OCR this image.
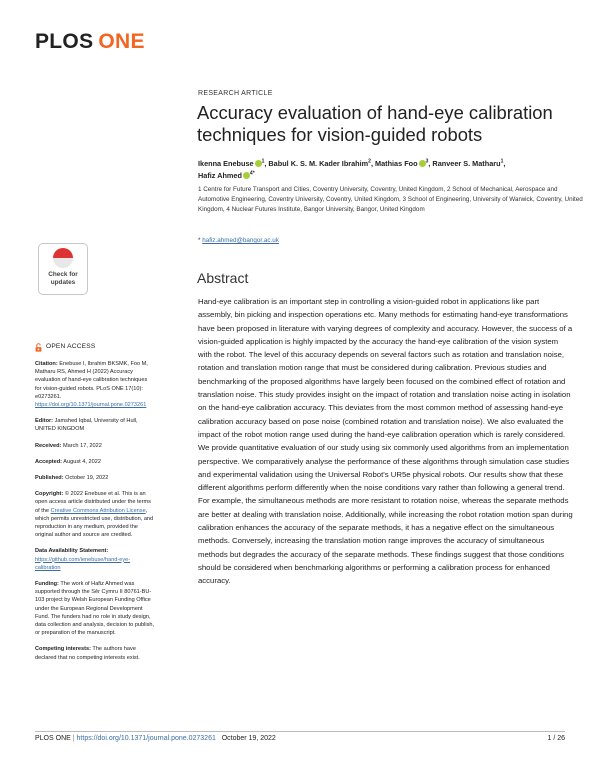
PLOS ONE
RESEARCH ARTICLE
Accuracy evaluation of hand-eye calibration techniques for vision-guided robots
Ikenna Enebuse $^1$, Babul K. S. M. Kader Ibrahim$^2$, Mathias Foo $^3$, Ranveer S. Matharu$^1$,
Hafiz Ahmed $^{4*}$
1 Centre for Future Transport and Cities, Coventry University, Coventry, United Kingdom, 2 School of Mechanical, Aerospace and Automotive Engineering, Coventry University, Coventry, United Kingdom, 3 School of Engineering, University of Warwick, Coventry, United Kingdom, 4 Nuclear Futures Institute, Bangor University, Bangor, United Kingdom
* hafiz.ahmed@bangor.ac.uk
Abstract
Hand-eye calibration is an important step in controlling a vision-guided robot in applications like part assembly, bin picking and inspection operations etc. Many methods for estimating hand-eye transformations have been proposed in literature with varying degrees of complexity and accuracy. However, the success of a vision-guided application is highly impacted by the accuracy the hand-eye calibration of the vision system with the robot. The level of this accuracy depends on several factors such as rotation and translation noise, rotation and translation motion range that must be considered during calibration. Previous studies and benchmarking of the proposed algorithms have largely been focused on the combined effect of rotation and translation noise. This study provides insight on the impact of rotation and translation noise acting in isolation on the hand-eye calibration accuracy. This deviates from the most common method of assessing hand-eye calibration accuracy based on pose noise (combined rotation and translation noise). We also evaluated the impact of the robot motion range used during the hand-eye calibration operation which is rarely considered. We provide quantitative evaluation of our study using six commonly used algorithms from an implementation perspective. We comparatively analyse the performance of these algorithms through simulation case studies and experimental validation using the Universal Robot's UR5e physical robots. Our results show that these different algorithms perform differently when the noise conditions vary rather than following a general trend. For example, the simultaneous methods are more resistant to rotation noise, whereas the separate methods are better at dealing with translation noise. Additionally, while increasing the robot rotation motion span during calibration enhances the accuracy of the separate methods, it has a negative effect on the simultaneous methods. Conversely, increasing the translation motion range improves the accuracy of simultaneous methods but degrades the accuracy of the separate methods. These findings suggest that those conditions should be considered when benchmarking algorithms or performing a calibration process for enhanced accuracy.
Check for
updates
OPEN ACCESS

Citation: Enebuse I, Ibrahim BKSMK, Foo M, Matharu RS, Ahmed H (2022) Accuracy evaluation of hand-eye calibration techniques for vision-guided robots. PLoS ONE 17(10): e0273261. https://doi.org/10.1371/journal.pone.0273261

Editor: Jamshed Iqbal, University of Hull, UNITED KINGDOM

Received: March 17, 2022

Accepted: August 4, 2022

Published: October 19, 2022

Copyright: © 2022 Enebuse et al. This is an open access article distributed under the terms of the Creative Commons Attribution License, which permits unrestricted use, distribution, and reproduction in any medium, provided the original author and source are credited.

Data Availability Statement: https://github.com/ienebuse/hand-eye-calibration

Funding: The work of Hafiz Ahmed was supported through the Sêr Cymru II 80761-BU-103 project by Welsh European Funding Office under the European Regional Development Fund. The funders had no role in study design, data collection and analysis, decision to publish, or preparation of the manuscript.

Competing interests: The authors have declared that no competing interests exist.

PLOS ONE | https://doi.org/10.1371/journal.pone.0273261 October 19, 2022	1 / 26
